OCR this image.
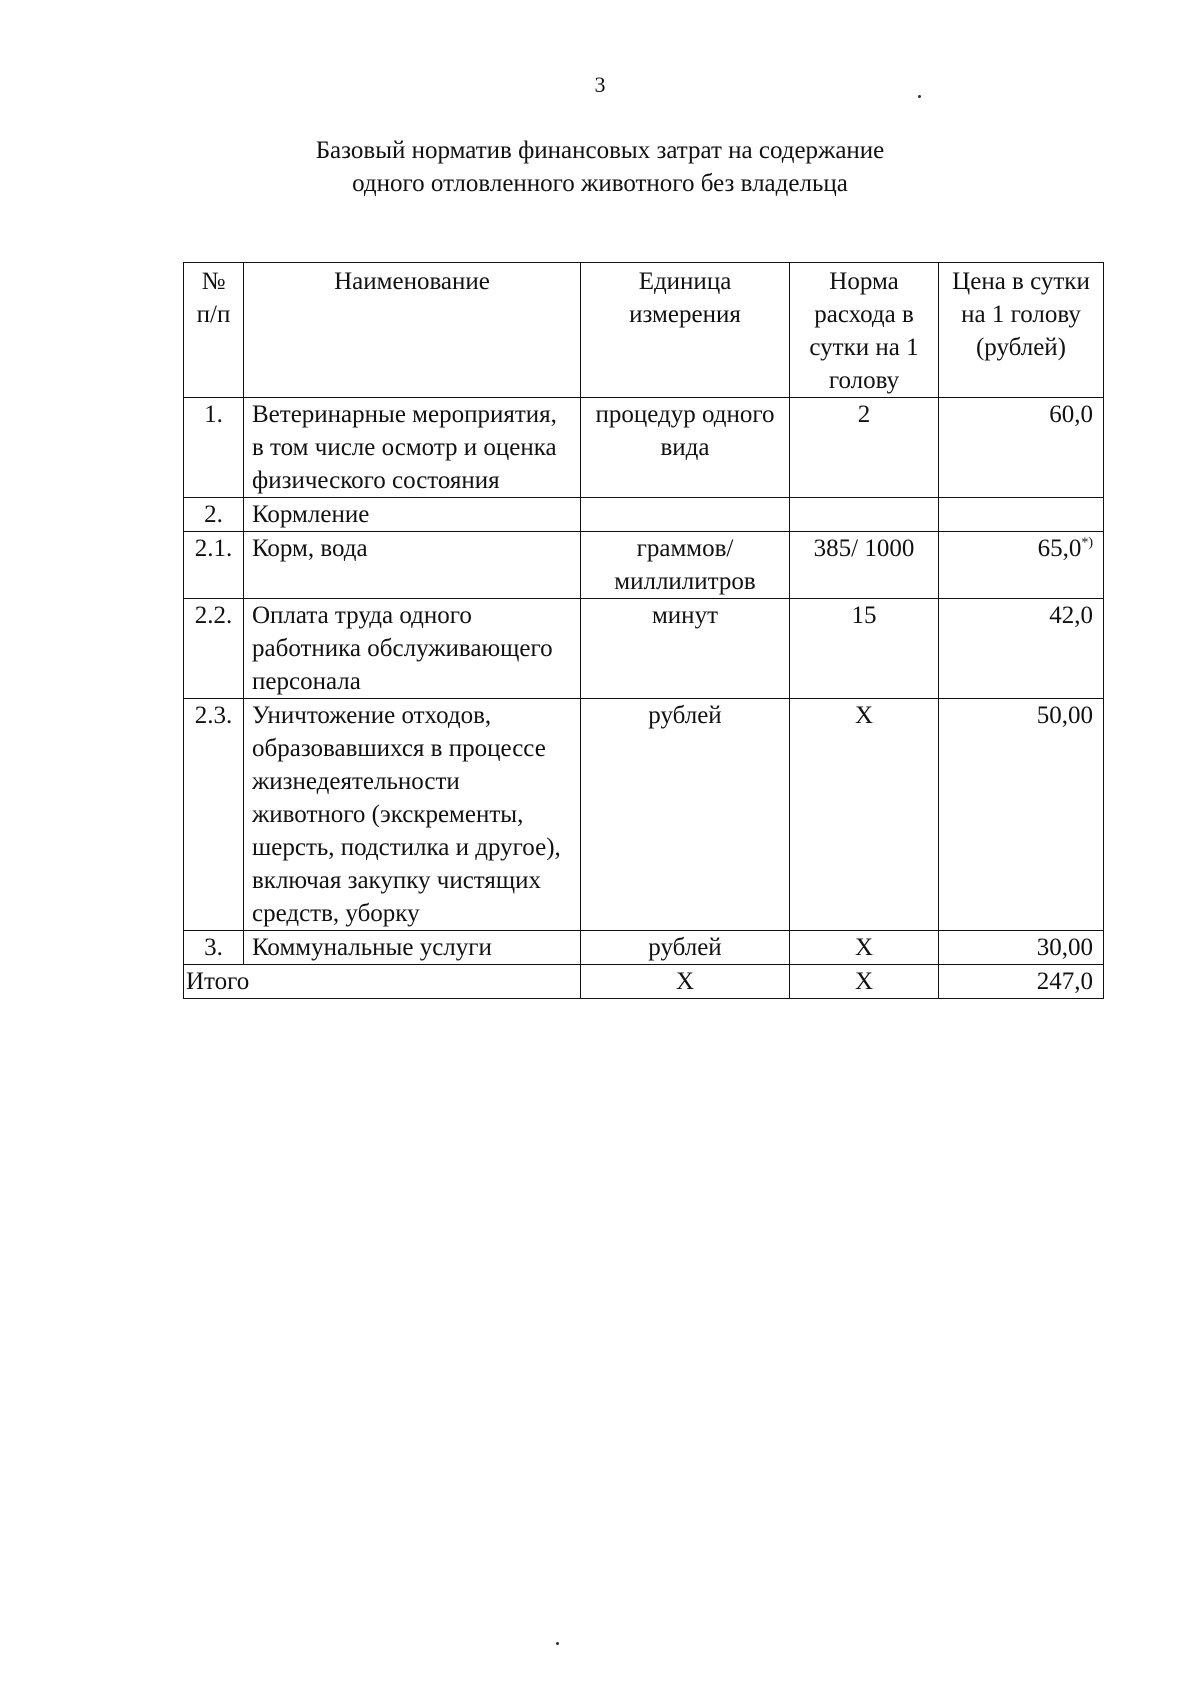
3
Базовый норматив финансовых затрат на содержание
одного отловленного животного без владельца
№ п/п	Наименование	Единица измерения	Норма расхода в сутки на 1 голову	Цена в сутки на 1 голову (рублей)
1.	Ветеринарные мероприятия, в том числе осмотр и оценка физического состояния	процедур одного вида	2	60,0
2.	Кормление			
2.1.	Корм, вода	граммов/ миллилитров	385/ 1000	65,0*)
2.2.	Оплата труда одного работника обслуживающего персонала	минут	15	42,0
2.3.	Уничтожение отходов, образовавшихся в процессе жизнедеятельности животного (экскременты, шерсть, подстилка и другое), включая закупку чистящих средств, уборку	рублей	X	50,00
3.	Коммунальные услуги	рублей	X	30,00
Итого		X	X	247,0
